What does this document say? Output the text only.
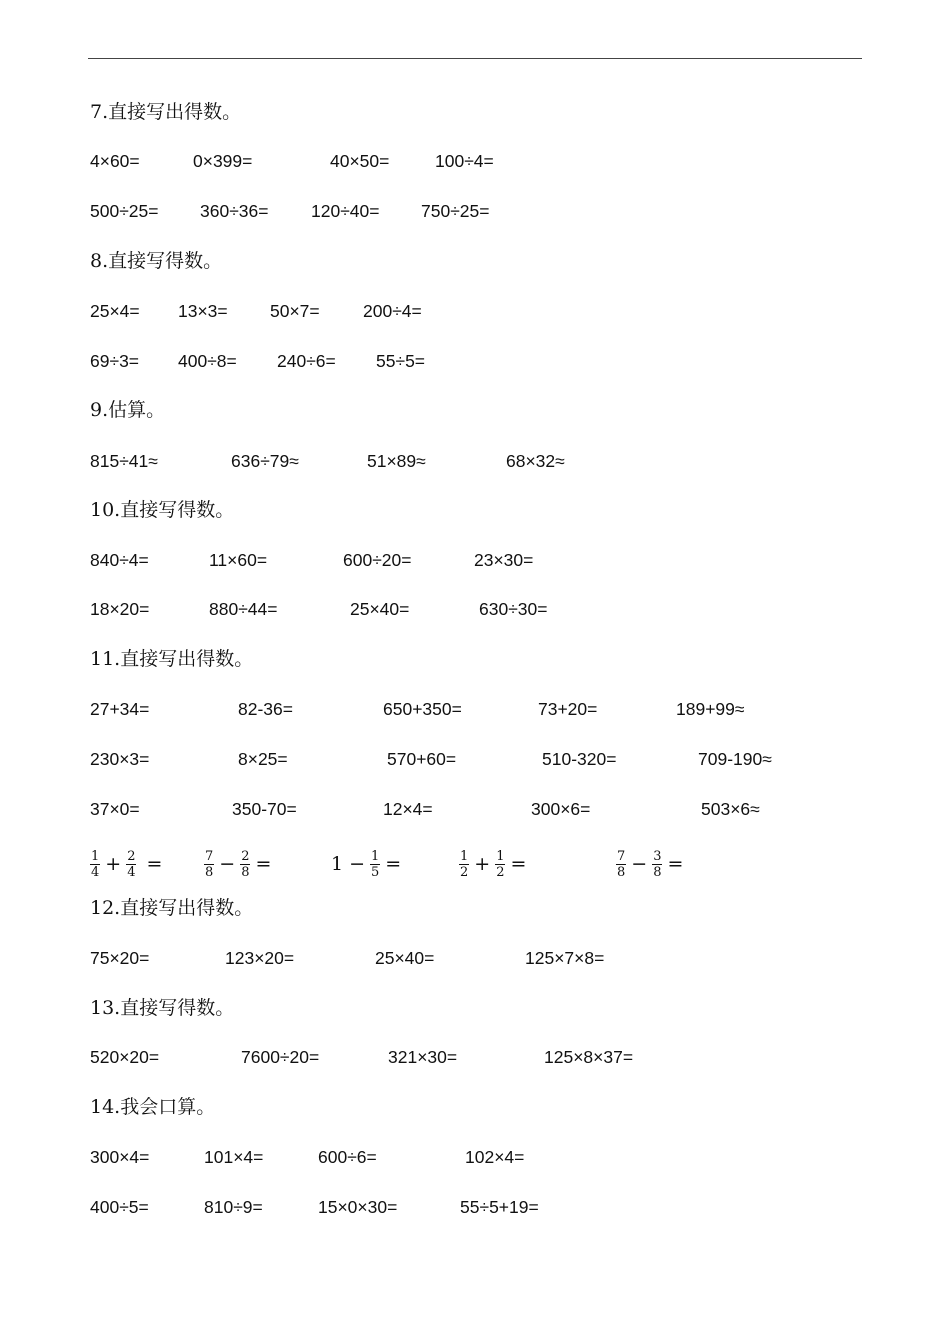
7.直接写出得数。
4×60=	0×399=	40×50=	100÷4=
500÷25= 360÷36= 120÷40= 750÷25=
8.直接写得数。
25×4= 13×3= 50×7= 200÷4=
69÷3= 400÷8= 240÷6= 55÷5=
9.估算。
815÷41≈	636÷79≈	51×89≈	68×32≈
10.直接写得数。
840÷4=	11×60=	600÷20=	23×30=
18×20=	880÷44=	25×40=	630÷30=
11.直接写出得数。
27+34=	82-36=	650+350=	73+20=	189+99≈
230×3=	8×25=	570+60=	510-320=	709-190≈
37×0=	350-70=	12×4=	300×6=	503×6≈
$\frac{1}{4} + \frac{2}{4}$ =	$\frac{7}{8} - \frac{2}{8}$ =	$1 - \frac{1}{5}$ =	$\frac{1}{2} + \frac{1}{2}$ =	$\frac{7}{8} - \frac{3}{8}$ =
12.直接写出得数。
75×20=	123×20=	25×40=	125×7×8=
13.直接写得数。
520×20=	7600÷20=	321×30=	125×8×37=
14.我会口算。
300×4=	101×4=	600÷6=	102×4=
400÷5=	810÷9=	15×0×30=	55÷5+19=
